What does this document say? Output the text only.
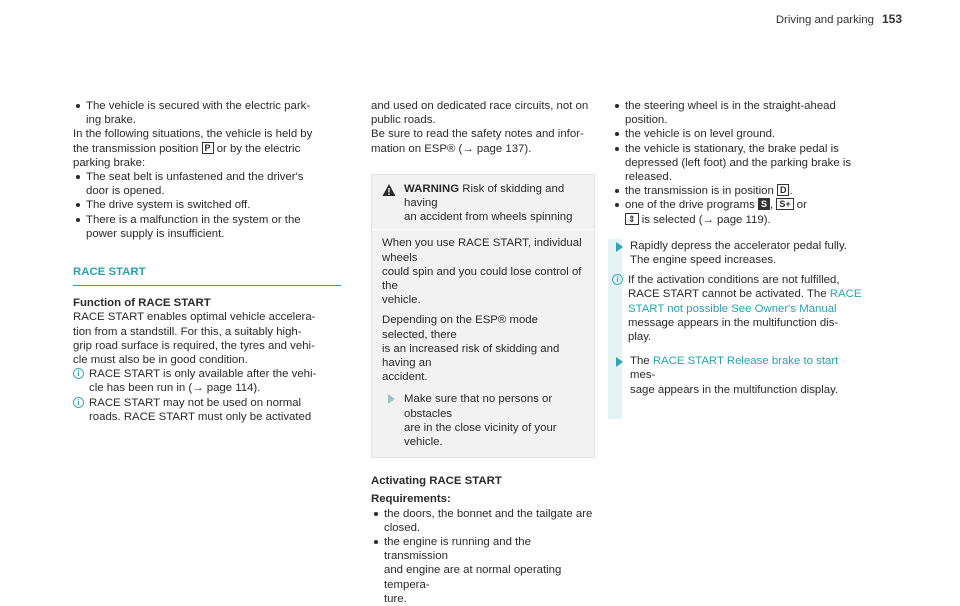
Driving and parking 153
The vehicle is secured with the electric park-
ing brake.

In the following situations, the vehicle is held by
the transmission position P or by the electric
parking brake:

The seat belt is unfastened and the driver's
door is opened.
The drive system is switched off.
There is a malfunction in the system or the
power supply is insufficient.
RACE START
Function of RACE START

RACE START enables optimal vehicle accelera-
tion from a standstill. For this, a suitably high-
grip road surface is required, the tyres and vehi-
cle must also be in good condition.

i RACE START is only available after the vehi-
cle has been run in (→ page 114).
i RACE START may not be used on normal
roads. RACE START must only be activated

and used on dedicated race circuits, not on
public roads.
Be sure to read the safety notes and infor-
mation on ESP® (→ page 137).

WARNING Risk of skidding and having
an accident from wheels spinning

When you use RACE START, individual wheels
could spin and you could lose control of the
vehicle.

Depending on the ESP® mode selected, there
is an increased risk of skidding and having an
accident.

Make sure that no persons or obstacles
are in the close vicinity of your vehicle.
Activating RACE START
Requirements:
the doors, the bonnet and the tailgate are
closed.
the engine is running and the transmission
and engine are at normal operating tempera-
ture.
the steering wheel is in the straight-ahead
position.
the vehicle is on level ground.
the vehicle is stationary, the brake pedal is
depressed (left foot) and the parking brake is
released.
the transmission is in position D .
one of the drive programs S , S+ or
⇕ is selected (→ page 119).
Rapidly depress the accelerator pedal fully.
The engine speed increases.
i If the activation conditions are not fulfilled,
RACE START cannot be activated. The RACE
START not possible See Owner's Manual
message appears in the multifunction dis-
play.
The RACE START Release brake to start mes-
sage appears in the multifunction display.
